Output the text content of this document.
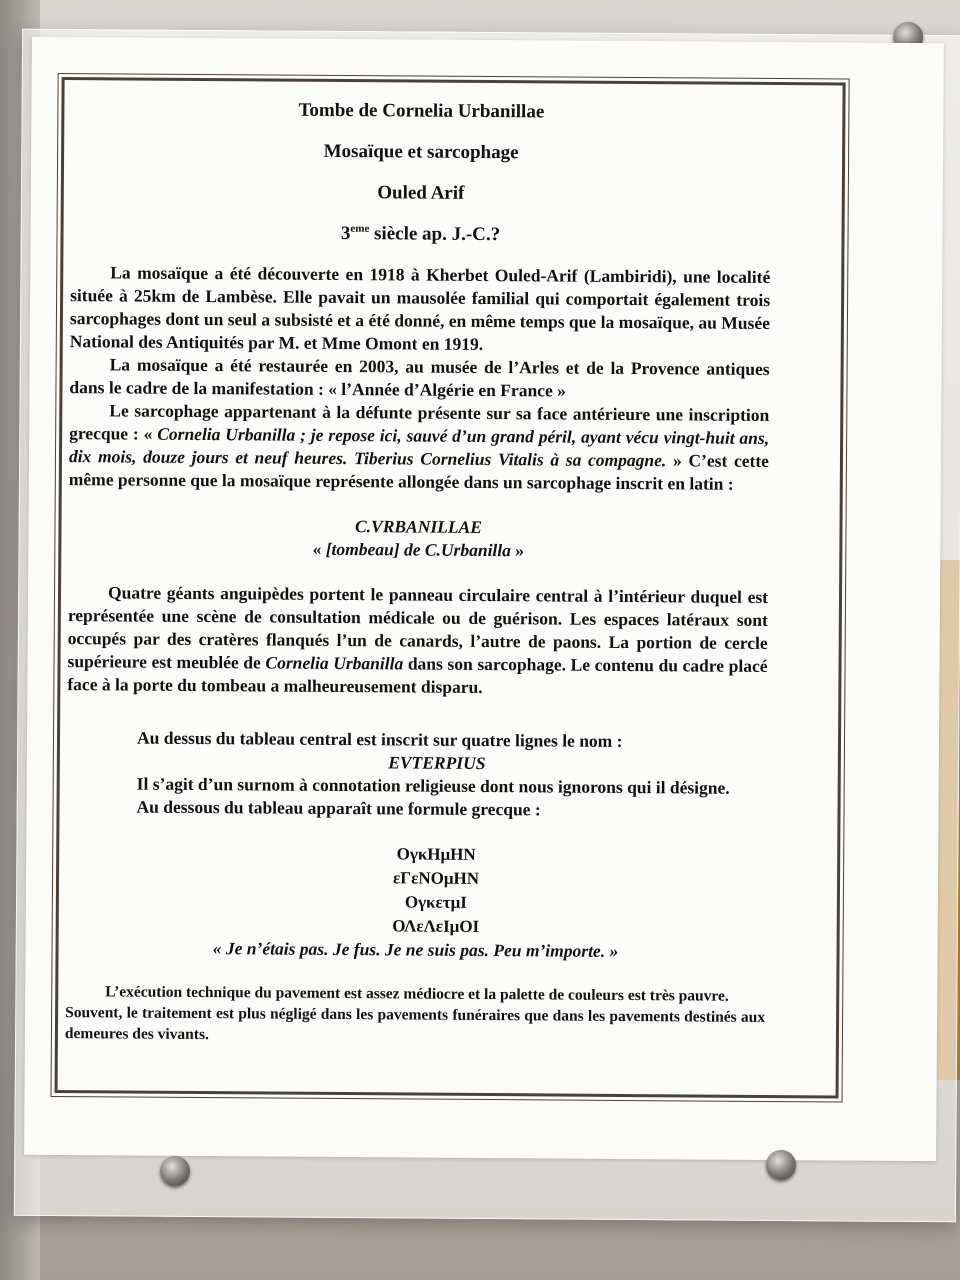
Tombe de Cornelia Urbanillae
Mosaïque et sarcophage
Ouled Arif
3eme siècle ap. J.-C.?

La mosaïque a été découverte en 1918 à Kherbet Ouled-Arif (Lambiridi), une localité située à 25km de Lambèse. Elle pavait un mausolée familial qui comportait également trois sarcophages dont un seul a subsisté et a été donné, en même temps que la mosaïque, au Musée National des Antiquités par M. et Mme Omont en 1919.

La mosaïque a été restaurée en 2003, au musée de l’Arles et de la Provence antiques dans le cadre de la manifestation : « l’Année d’Algérie en France »

Le sarcophage appartenant à la défunte présente sur sa face antérieure une inscription grecque : « Cornelia Urbanilla ; je repose ici, sauvé d’un grand péril, ayant vécu vingt-huit ans, dix mois, douze jours et neuf heures. Tiberius Cornelius Vitalis à sa compagne. » C’est cette même personne que la mosaïque représente allongée dans un sarcophage inscrit en latin :

C.VRBANILLAE
« [tombeau] de C.Urbanilla »

Quatre géants anguipèdes portent le panneau circulaire central à l’intérieur duquel est représentée une scène de consultation médicale ou de guérison. Les espaces latéraux sont occupés par des cratères flanqués l’un de canards, l’autre de paons. La portion de cercle supérieure est meublée de Cornelia Urbanilla dans son sarcophage. Le contenu du cadre placé face à la porte du tombeau a malheureusement disparu.

Au dessus du tableau central est inscrit sur quatre lignes le nom :
EVTERPIUS
Il s’agit d’un surnom à connotation religieuse dont nous ignorons qui il désigne.
Au dessous du tableau apparaît une formule grecque :
ΟγκΗμΗΝ
εΓεΝΟμΗΝ
ΟγκετμΙ
ΟΛεΛεΙμΟΙ
« Je n’étais pas. Je fus. Je ne suis pas. Peu m’importe. »

L’exécution technique du pavement est assez médiocre et la palette de couleurs est très pauvre.

Souvent, le traitement est plus négligé dans les pavements funéraires que dans les pavements destinés aux demeures des vivants.
